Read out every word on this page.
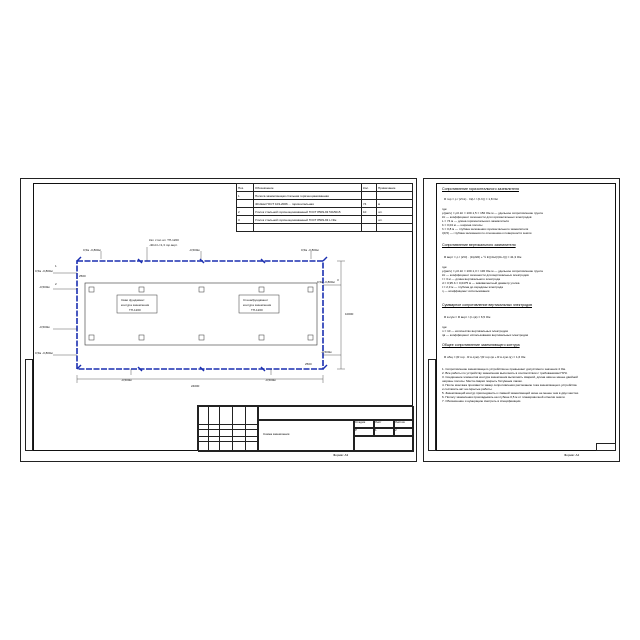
Поз.	Обозначение	Кол.	Примечание
1	Полоса заземляющая стальная горячеоцинкованная		
	40х4мм ГОСТ 103-2006 ... горизонтальная	74	м
2	Уголок стальной горячеоцинкованный ГОСТ 8509-93 50х50х5	10	шт.
3	Уголок стальной горячеоцинкованный ГОСТ 8509-93 L=3м		шт.

Кат. стоп.шт. ТП-1200
-40х4 L=1,3 гор.верт.
Сваи фундамент
контура заземления
ТП-1200
Стена/фундамент
контура заземления
ТП-1200
0,5м -0,800м	-0,500м	0,5м -0,800м
0,5м -0,800м
-0,500м
-0,500м
0,5м -0,800м
-0,500м	-0,500м
0,5м -0,800м
-0,500м
24000
10000
2500
2500
1
2
3
Схема заземления
Стадия	Лист	Листов
Р	1	2
Формат А3
Сопротивление горизонтального заземлителя
R гор = ρ / (2πL) · ln(L² / (b·h)) = 1,8 Ом
где:
ρ(расч) = ρ0·Кс = 100·1,5 = 150 Ом·м — удельное сопротивление грунта
Кс — коэффициент сезонности для горизонтальных электродов
L = 74 м — длина горизонтального заземлителя
b = 0,04 м — ширина полосы
h = 0,8 м — глубина заложения горизонтального заземлителя
t(0,5) — глубина заложения по отношению к поверхности земли
Сопротивление вертикального заземлителя
R верт = ρ / (2πl) · (ln(2l/d) + ½ ln((4t+l)/(4t−l))) = 41,3 Ом
где:
ρ(расч) = ρ0·Кс = 100·1,3 = 130 Ом·м — удельное сопротивление грунта
Кс — коэффициент сезонности для вертикальных электродов
l = 3 м — длина вертикального электрода
d = 0,95·b = 0,0475 м — эквивалентный диаметр уголка
t = 2,3 м — глубина до середины электрода
η — коэффициент использования
Суммарное сопротивление вертикальных электродов
R в.сум = R верт / (n·ηв) = 6,5 Ом
где:
n = 10 — количество вертикальных электродов
ηв — коэффициент использования вертикальных электродов
Общее сопротивление заземляющего контура
R общ = (R гор · R в.сум) / (R гор·ηв + R в.сум·ηг) = 1,6 Ом
1. Сопротивление заземляющего устройства не превышает допустимого значения 4 Ом.
2. Все работы по устройству заземления выполнять в соответствии с требованиями ПУЭ.
3. Соединение элементов контура заземления выполнить сваркой, длина шва не менее двойной
ширины полосы. Места сварки покрыть битумным лаком.
4. После монтажа произвести замер сопротивления растеканию тока заземляющего устройства
и составить акт на скрытые работы.
5. Заземляющий контур присоединить к главной заземляющей шине не менее чем в двух местах.
6. Полосу заземления прокладывать на глубине 0,5 м от планировочной отметки земли.
7. Обозначение и нумерацию смотреть в спецификации.
Формат А4
